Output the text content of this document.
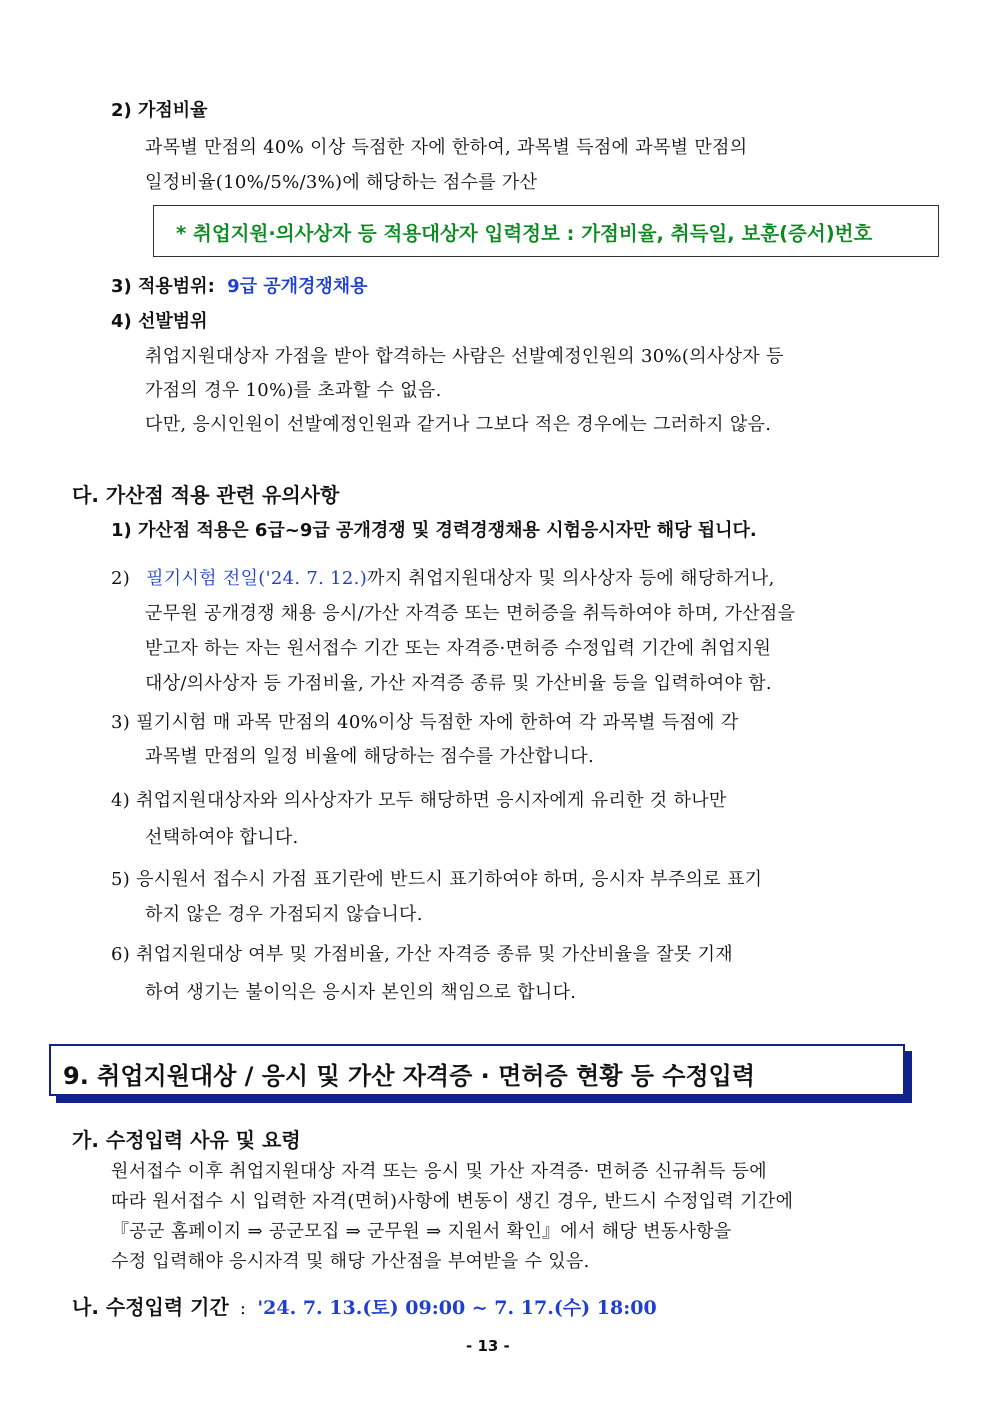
2) 가점비율
과목별 만점의 40% 이상 득점한 자에 한하여, 과목별 득점에 과목별 만점의
일정비율(10%/5%/3%)에 해당하는 점수를 가산
* 취업지원·의사상자 등 적용대상자 입력정보 : 가점비율, 취득일, 보훈(증서)번호
3) 적용범위: 9급 공개경쟁채용
4) 선발범위
취업지원대상자 가점을 받아 합격하는 사람은 선발예정인원의 30%(의사상자 등
가점의 경우 10%)를 초과할 수 없음.
다만, 응시인원이 선발예정인원과 같거나 그보다 적은 경우에는 그러하지 않음.
다. 가산점 적용 관련 유의사항
1) 가산점 적용은 6급~9급 공개경쟁 및 경력경쟁채용 시험응시자만 해당 됩니다.
2) 필기시험 전일('24. 7. 12.)까지 취업지원대상자 및 의사상자 등에 해당하거나,
군무원 공개경쟁 채용 응시/가산 자격증 또는 면허증을 취득하여야 하며, 가산점을
받고자 하는 자는 원서접수 기간 또는 자격증·면허증 수정입력 기간에 취업지원
대상/의사상자 등 가점비율, 가산 자격증 종류 및 가산비율 등을 입력하여야 함.
3) 필기시험 매 과목 만점의 40%이상 득점한 자에 한하여 각 과목별 득점에 각
과목별 만점의 일정 비율에 해당하는 점수를 가산합니다.
4) 취업지원대상자와 의사상자가 모두 해당하면 응시자에게 유리한 것 하나만
선택하여야 합니다.
5) 응시원서 접수시 가점 표기란에 반드시 표기하여야 하며, 응시자 부주의로 표기
하지 않은 경우 가점되지 않습니다.
6) 취업지원대상 여부 및 가점비율, 가산 자격증 종류 및 가산비율을 잘못 기재
하여 생기는 불이익은 응시자 본인의 책임으로 합니다.
9. 취업지원대상 / 응시 및 가산 자격증 · 면허증 현황 등 수정입력
가. 수정입력 사유 및 요령
원서접수 이후 취업지원대상 자격 또는 응시 및 가산 자격증· 면허증 신규취득 등에
따라 원서접수 시 입력한 자격(면허)사항에 변동이 생긴 경우, 반드시 수정입력 기간에
『공군 홈페이지 ⇒ 공군모집 ⇒ 군무원 ⇒ 지원서 확인』에서 해당 변동사항을
수정 입력해야 응시자격 및 해당 가산점을 부여받을 수 있음.
나. 수정입력 기간 : '24. 7. 13.(토) 09:00 ~ 7. 17.(수) 18:00
- 13 -
